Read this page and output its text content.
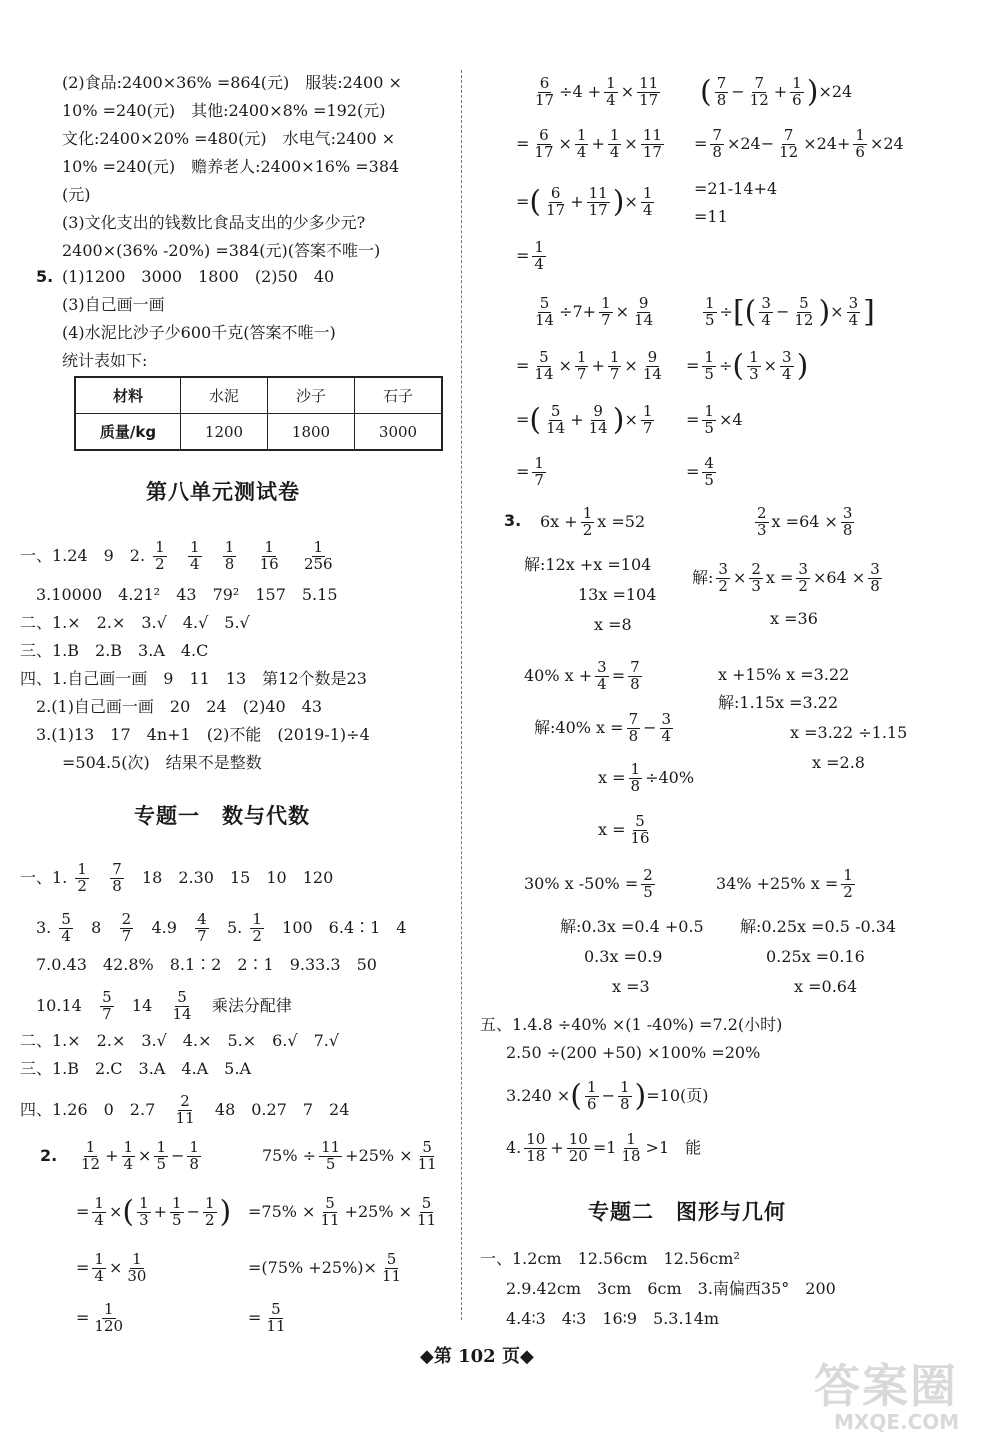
(2)食品:2400×36% =864(元)　服装:2400 ×
10% =240(元)　其他:2400×8% =192(元)
文化:2400×20% =480(元)　水电气:2400 ×
10% =240(元)　赡养老人:2400×16% =384
(元)
(3)文化支出的钱数比食品支出的少多少元?
2400×(36% -20%) =384(元)(答案不唯一)
5. (1)1200　3000　1800　(2)50　40
(3)自己画一画
(4)水泥比沙子少600千克(答案不唯一)
统计表如下:
材料	水泥	沙子	石子
质量/kg	1200	1800	3000
第八单元测试卷
一、1.24　9　2. $\frac{1}{2}$
$\frac{1}{4}$
$\frac{1}{8}$
$\frac{1}{16}$
$\frac{1}{256}$
3.10000　4.21²　43　79²　157　5.15
二、1.×　2.×　3.√　4.√　5.√
三、1.B　2.B　3.A　4.C
四、1.自己画一画　9　11　13　第12个数是23
2.(1)自己画一画　20　24　(2)40　43
3.(1)13　17　4n+1　(2)不能　(2019-1)÷4
=504.5(次)　结果不是整数
专题一　数与代数
一、1. $\frac{1}{2}$
$\frac{7}{8} 18$　2.30　15　10　120
3. $\frac{5}{4} 8 \frac{2}{7} 4.9 \frac{4}{7} 5$. $\frac{1}{2} 100$　6.4∶1　4
7.0.43　42.8%　8.1∶2　2∶1　9.33.3　50
$10.14 \frac{5}{7} 14 \frac{5}{14}$ 乘法分配律
二、1.×　2.×　3.√　4.×　5.×　6.√　7.√
三、1.B　2.C　3.A　4.A　5.A
四、1.26　0　$2.7 \frac{2}{11} 48$　0.27　7　24
2. $\frac{1}{12} + \frac{1}{4} \times \frac{1}{5} - \frac{1}{8}$
= $\frac{1}{4}$ ×( $\frac{1}{3} + \frac{1}{5} - \frac{1}{2}$ )
= $\frac{1}{4} \times \frac{1}{30}$
= $\frac{1}{120}$
$75\% \div \frac{11}{5} +25\% \times \frac{5}{11}$
$=75\% \times \frac{5}{11} +25\% \times \frac{5}{11}$
$=(75\% +25\%)\times \frac{5}{11}$
= $\frac{5}{11}$
$\frac{6}{17} \div 4 + \frac{1}{4} \times \frac{11}{17}$ ( $\frac{7}{8} - \frac{7}{12} + \frac{1}{6} )\times 24$
= $\frac{6}{17} \times \frac{1}{4} + \frac{1}{4} \times \frac{11}{17} = \frac{7}{8} \times 24- \frac{7}{12} \times 24+ \frac{1}{6} \times 24$
=( $\frac{6}{17} + \frac{11}{17}$ )× $\frac{1}{4} =21-14+4$
=11
= $\frac{1}{4}$
$\frac{5}{14} \div 7+ \frac{1}{7} \times \frac{9}{14}$	$\frac{1}{5}$ ÷[( $\frac{3}{4} - \frac{5}{12}$ )× $\frac{3}{4}$ ]
= $\frac{5}{14} \times \frac{1}{7} + \frac{1}{7} \times \frac{9}{14} = \frac{1}{5}$ ÷( $\frac{1}{3} \times \frac{3}{4}$ )
=( $\frac{5}{14} + \frac{9}{14}$ )× $\frac{1}{7} = \frac{1}{5} \times 4$
= $\frac{1}{7}$	= $\frac{4}{5}$
3. $6x + \frac{1}{2}$ x =52	$\frac{2}{3}$ $x =64 \times \frac{3}{8}$
解:12x +x =104
13x =104
x =8
解: $\frac{3}{2} \times \frac{2}{3}$ $x = \frac{3}{2} \times 64 \times \frac{3}{8}$
x =36
40% $x + \frac{3}{4} = \frac{7}{8}$	x +15% x =3.22
解:1.15x =3.22
x =3.22 ÷1.15
x =2.8
解:40% $x = \frac{7}{8} - \frac{3}{4}$
$x = \frac{1}{8} \div 40\%$
$x = \frac{5}{16}$
30% x $-50\% = \frac{2}{5}$	34% +25% $x = \frac{1}{2}$
解:0.3x =0.4 +0.5
0.3x =0.9
x =3
解:0.25x =0.5 -0.34
0.25x =0.16
x =0.64
五、1.4.8 ÷40% ×(1 -40%) =7.2(小时)
2.50 ÷(200 +50) ×100% =20%
3.240 ×( $\frac{1}{6} - \frac{1}{8} )=10$(页)
4. $\frac{10}{18} + \frac{10}{20} =1 \frac{1}{18} >1$　能
专题二　图形与几何
一、1.2cm　12.56cm　12.56cm²
2.9.42cm　3cm　6cm　3.南偏西35°　200
4.4∶3　4∶3　16∶9　5.3.14m
◆第 102 页◆
答案圈
MXQE.COM
